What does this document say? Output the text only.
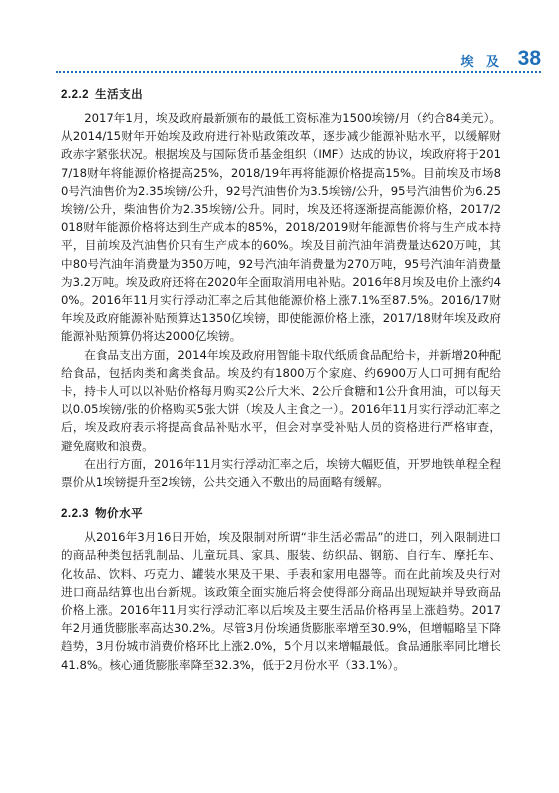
埃 及 38
2.2.2 生活支出

2017年1月，埃及政府最新颁布的最低工资标准为1500埃镑/月（约合84美元）。从2014/15财年开始埃及政府进行补贴政策改革，逐步减少能源补贴水平，以缓解财政赤字紧张状况。根据埃及与国际货币基金组织（IMF）达成的协议，埃政府将于2017/18财年将能源价格提高25%，2018/19年再将能源价格提高15%。目前埃及市场80号汽油售价为2.35埃镑/公升，92号汽油售价为3.5埃镑/公升，95号汽油售价为6.25埃镑/公升，柴油售价为2.35埃镑/公升。同时，埃及还将逐渐提高能源价格，2017/2018财年能源价格将达到生产成本的85%，2018/2019财年能源售价将与生产成本持平，目前埃及汽油售价只有生产成本的60%。埃及目前汽油年消费量达620万吨，其中80号汽油年消费量为350万吨，92号汽油年消费量为270万吨，95号汽油年消费量为3.2万吨。埃及政府还将在2020年全面取消用电补贴。2016年8月埃及电价上涨约40%。2016年11月实行浮动汇率之后其他能源价格上涨7.1%至87.5%。2016/17财年埃及政府能源补贴预算达1350亿埃镑，即使能源价格上涨，2017/18财年埃及政府能源补贴预算仍将达2000亿埃镑。

在食品支出方面，2014年埃及政府用智能卡取代纸质食品配给卡，并新增20种配给食品，包括肉类和禽类食品。埃及约有1800万个家庭、约6900万人口可拥有配给卡，持卡人可以以补贴价格每月购买2公斤大米、2公斤食糖和1公升食用油，可以每天以0.05埃镑/张的价格购买5张大饼（埃及人主食之一）。2016年11月实行浮动汇率之后，埃及政府表示将提高食品补贴水平，但会对享受补贴人员的资格进行严格审查，避免腐败和浪费。

在出行方面，2016年11月实行浮动汇率之后，埃镑大幅贬值，开罗地铁单程全程票价从1埃镑提升至2埃镑，公共交通入不敷出的局面略有缓解。

2.2.3 物价水平

从2016年3月16日开始，埃及限制对所谓“非生活必需品”的进口，列入限制进口的商品种类包括乳制品、儿童玩具、家具、服装、纺织品、钢筋、自行车、摩托车、化妆品、饮料、巧克力、罐装水果及干果、手表和家用电器等。而在此前埃及央行对进口商品结算也出台新规。该政策全面实施后将会使得部分商品出现短缺并导致商品价格上涨。2016年11月实行浮动汇率以后埃及主要生活品价格再呈上涨趋势。2017年2月通货膨胀率高达30.2%。尽管3月份埃通货膨胀率增至30.9%，但增幅略呈下降趋势，3月份城市消费价格环比上涨2.0%，5个月以来增幅最低。食品通胀率同比增长41.8%。核心通货膨胀率降至32.3%，低于2月份水平（33.1%）。
